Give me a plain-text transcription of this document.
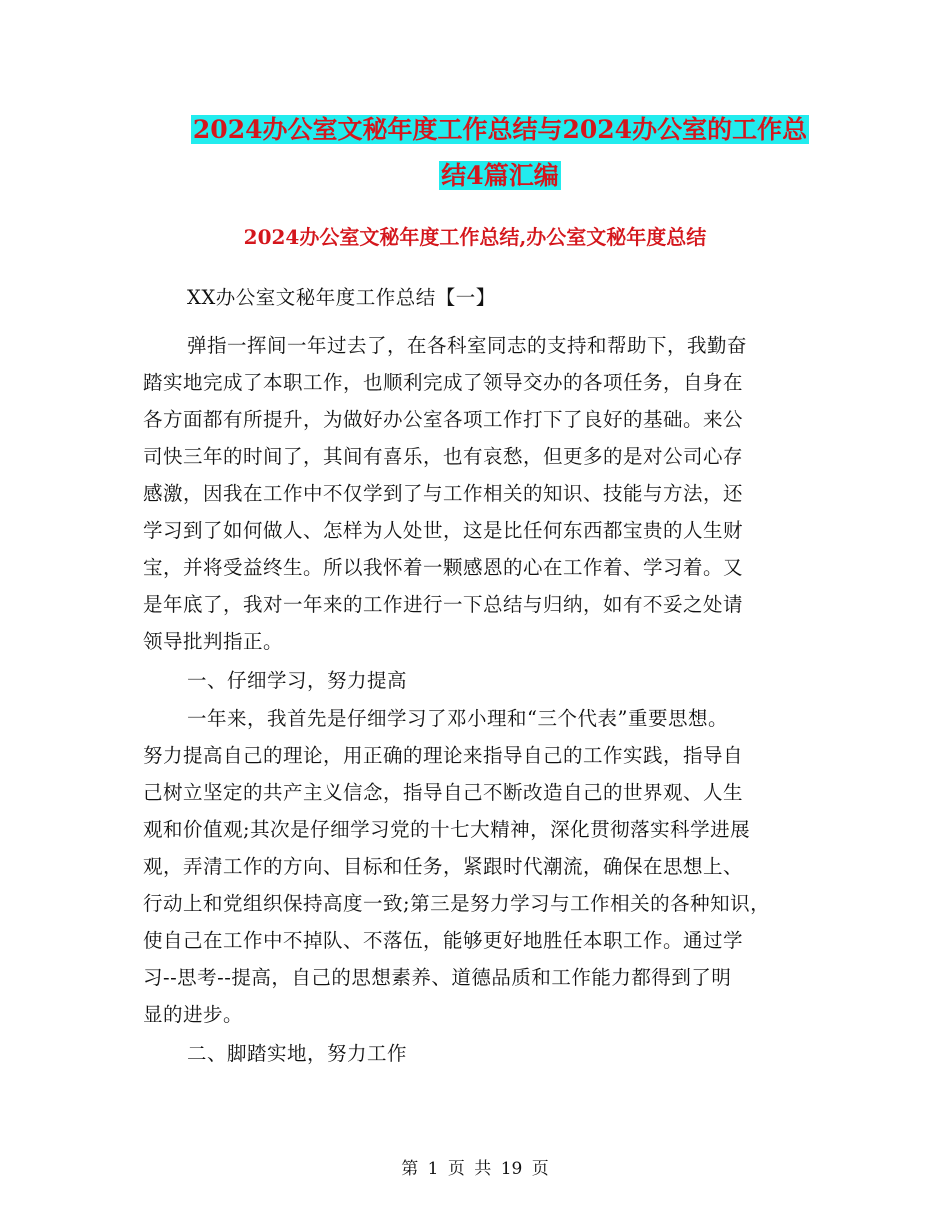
2024办公室文秘年度工作总结与2024办公室的工作总
结4篇汇编
2024办公室文秘年度工作总结,办公室文秘年度总结
XX办公室文秘年度工作总结【一】
弹指一挥间一年过去了，在各科室同志的支持和帮助下，我勤奋
踏实地完成了本职工作，也顺利完成了领导交办的各项任务，自身在
各方面都有所提升，为做好办公室各项工作打下了良好的基础。来公
司快三年的时间了，其间有喜乐，也有哀愁，但更多的是对公司心存
感激，因我在工作中不仅学到了与工作相关的知识、技能与方法，还
学习到了如何做人、怎样为人处世，这是比任何东西都宝贵的人生财
宝，并将受益终生。所以我怀着一颗感恩的心在工作着、学习着。又
是年底了，我对一年来的工作进行一下总结与归纳，如有不妥之处请
领导批判指正。
一、仔细学习，努力提高
一年来，我首先是仔细学习了邓小理和“三个代表”重要思想。
努力提高自己的理论，用正确的理论来指导自己的工作实践，指导自
己树立坚定的共产主义信念，指导自己不断改造自己的世界观、人生
观和价值观;其次是仔细学习党的十七大精神，深化贯彻落实科学进展
观，弄清工作的方向、目标和任务，紧跟时代潮流，确保在思想上、
行动上和党组织保持高度一致;第三是努力学习与工作相关的各种知识，
使自己在工作中不掉队、不落伍，能够更好地胜任本职工作。通过学
习--思考--提高，自己的思想素养、道德品质和工作能力都得到了明
显的进步。
二、脚踏实地，努力工作
第 1 页 共 19 页
